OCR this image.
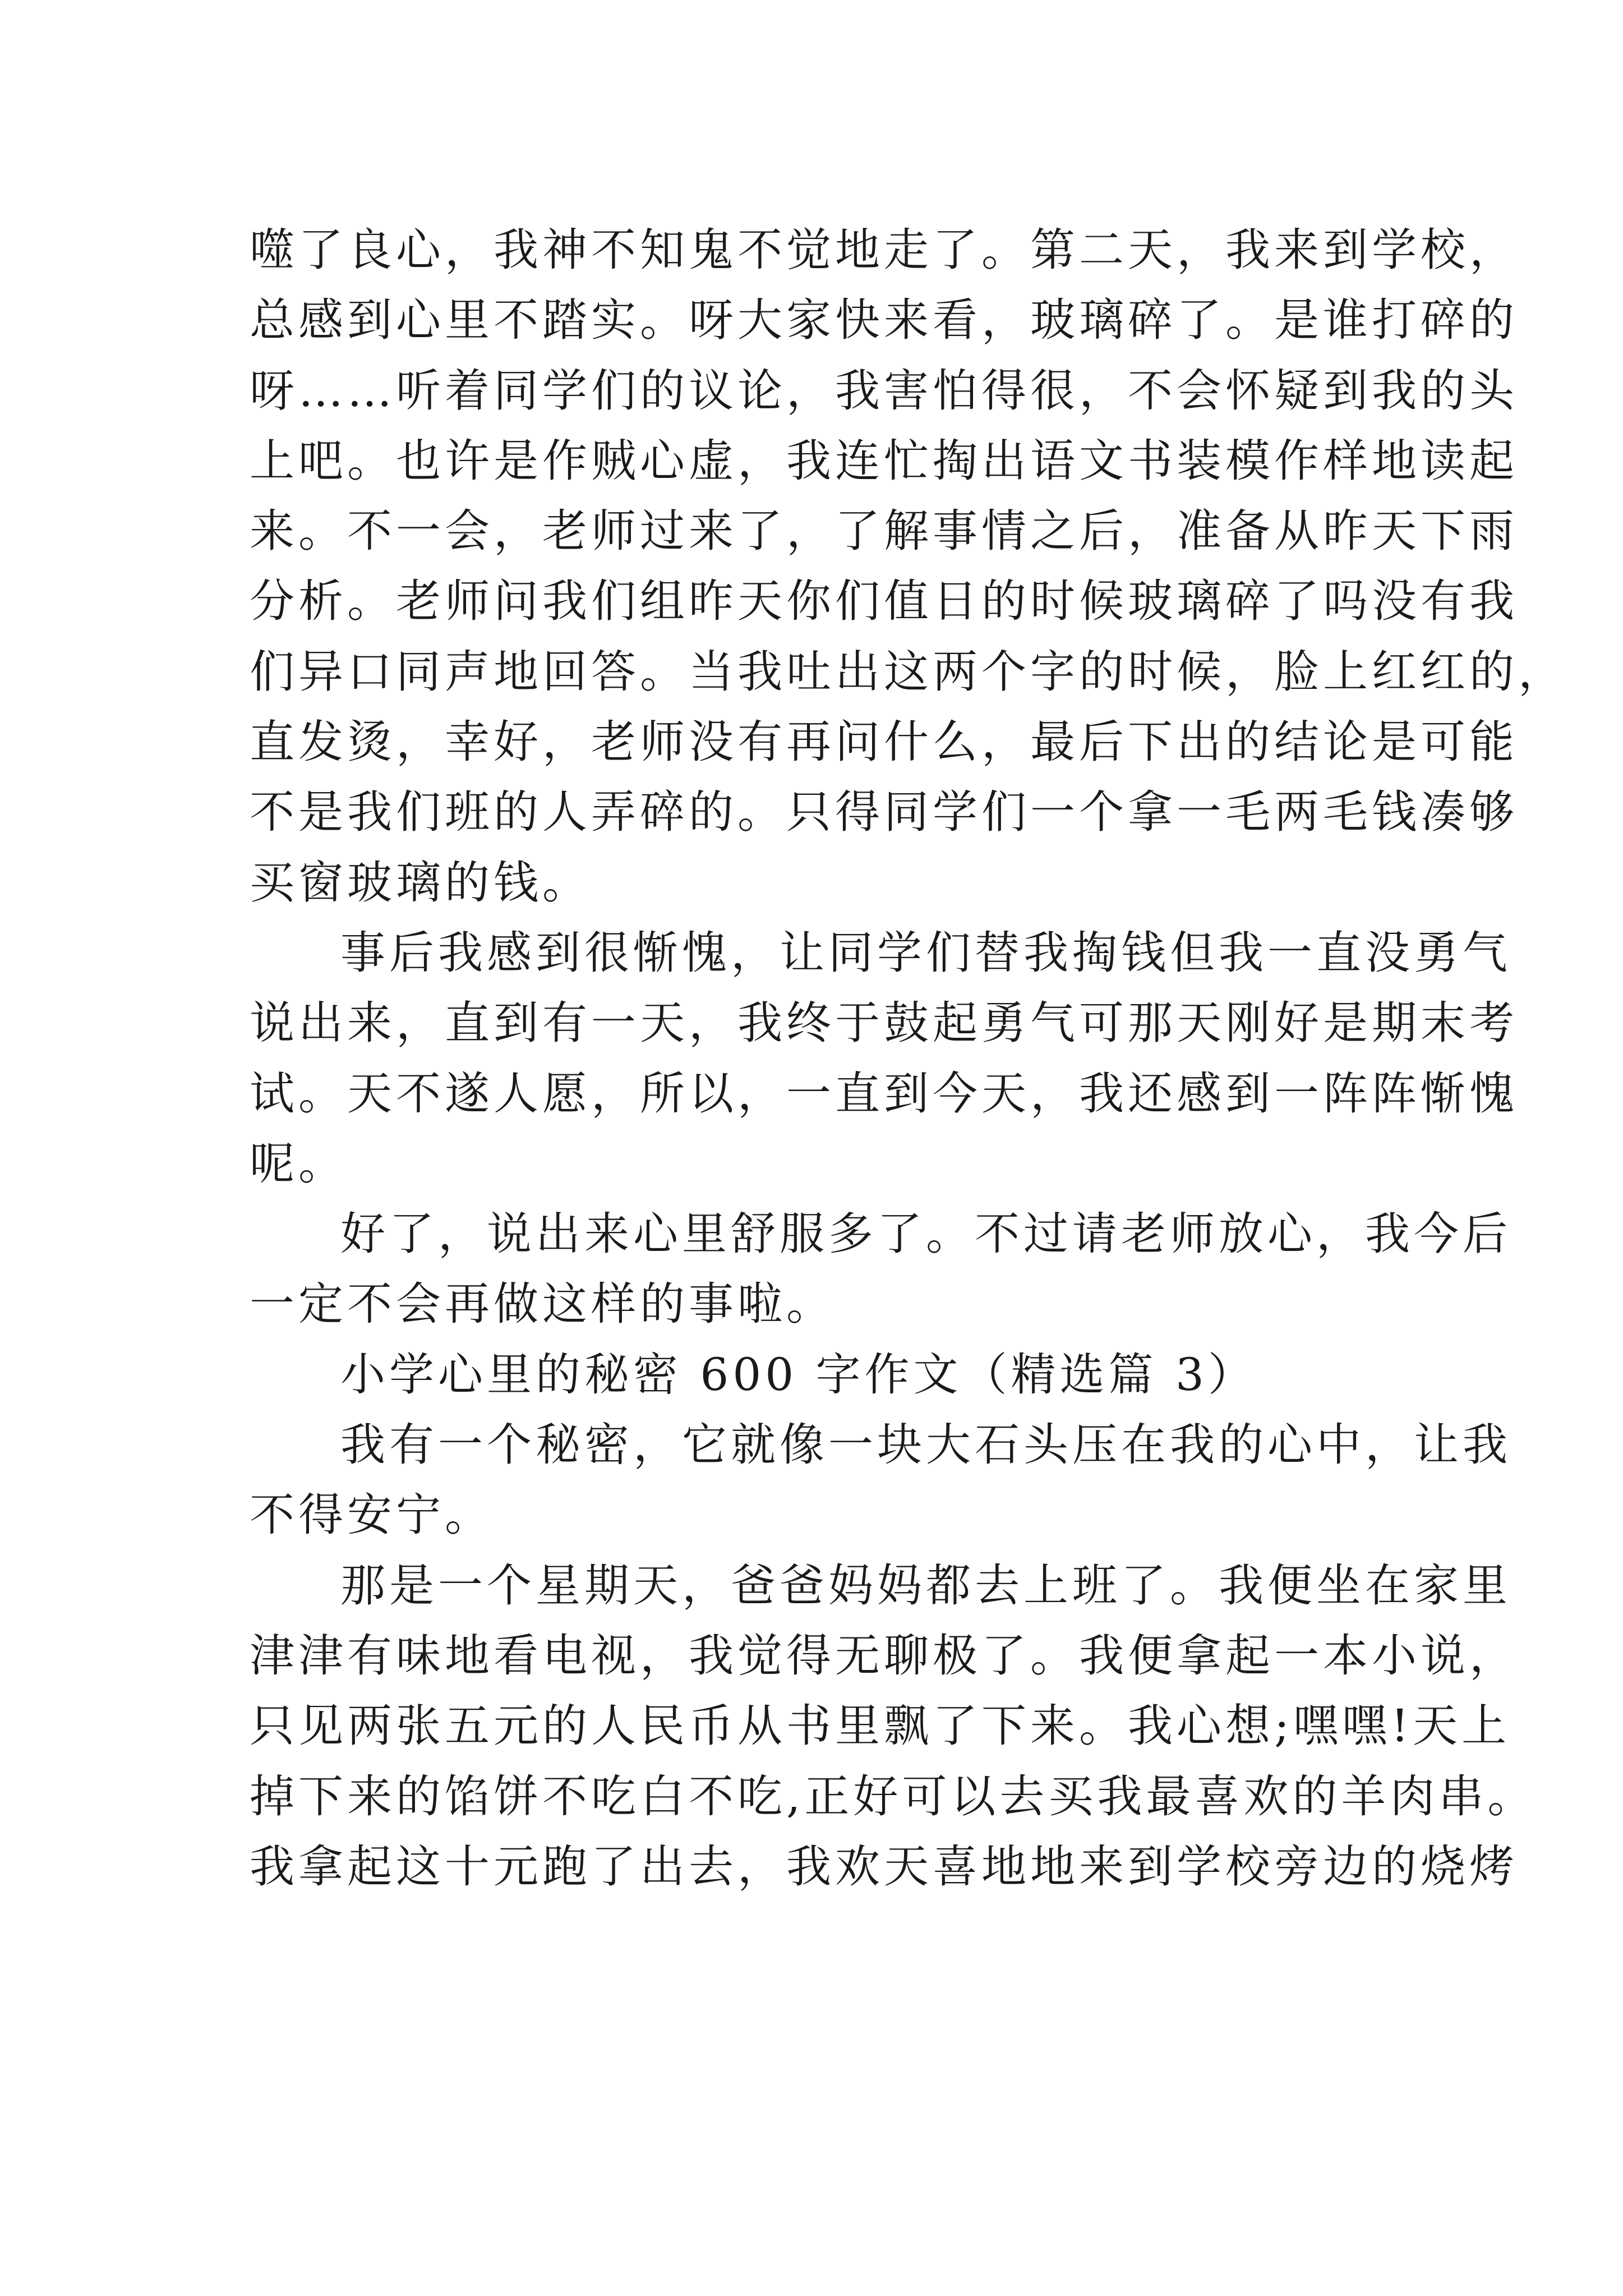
噬了良心，我神不知鬼不觉地走了。第二天，我来到学校，
总感到心里不踏实。呀大家快来看，玻璃碎了。是谁打碎的
呀……听着同学们的议论，我害怕得很，不会怀疑到我的头
上吧。也许是作贼心虚，我连忙掏出语文书装模作样地读起
来。不一会，老师过来了，了解事情之后，准备从昨天下雨
分析。老师问我们组昨天你们值日的时候玻璃碎了吗没有我
们异口同声地回答。当我吐出这两个字的时候，脸上红红的，
直发烫，幸好，老师没有再问什么，最后下出的结论是可能
不是我们班的人弄碎的。只得同学们一个拿一毛两毛钱凑够
买窗玻璃的钱。
事后我感到很惭愧，让同学们替我掏钱但我一直没勇气
说出来，直到有一天，我终于鼓起勇气可那天刚好是期末考
试。天不遂人愿，所以，一直到今天，我还感到一阵阵惭愧
呢。
好了，说出来心里舒服多了。不过请老师放心，我今后
一定不会再做这样的事啦。
小学心里的秘密 600 字作文（精选篇 3）
我有一个秘密，它就像一块大石头压在我的心中，让我
不得安宁。
那是一个星期天，爸爸妈妈都去上班了。我便坐在家里
津津有味地看电视，我觉得无聊极了。我便拿起一本小说，
只见两张五元的人民币从书里飘了下来。我心想;嘿嘿!天上
掉下来的馅饼不吃白不吃,正好可以去买我最喜欢的羊肉串。
我拿起这十元跑了出去，我欢天喜地地来到学校旁边的烧烤
